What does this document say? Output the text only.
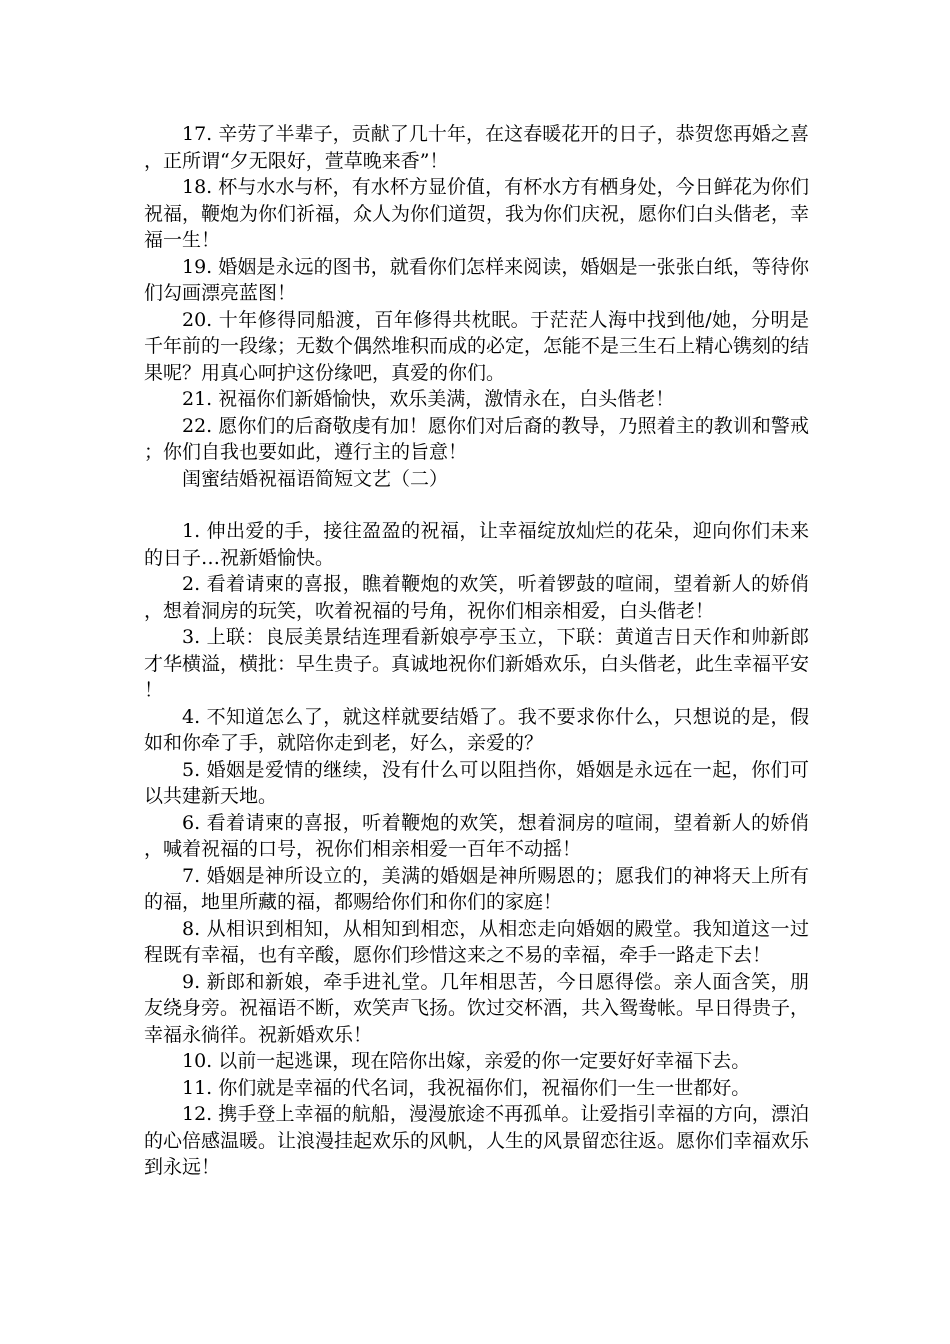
17. 辛劳了半辈子，贡献了几十年，在这春暖花开的日子，恭贺您再婚之喜，正所谓“夕无限好，萱草晚来香”！

18. 杯与水水与杯，有水杯方显价值，有杯水方有栖身处，今日鲜花为你们祝福，鞭炮为你们祈福，众人为你们道贺，我为你们庆祝，愿你们白头偕老，幸福一生！

19. 婚姻是永远的图书，就看你们怎样来阅读，婚姻是一张张白纸，等待你们勾画漂亮蓝图！

20. 十年修得同船渡，百年修得共枕眠。于茫茫人海中找到他/她，分明是千年前的一段缘；无数个偶然堆积而成的必定，怎能不是三生石上精心镌刻的结果呢？用真心呵护这份缘吧，真爱的你们。

21. 祝福你们新婚愉快，欢乐美满，激情永在，白头偕老！

22. 愿你们的后裔敬虔有加！愿你们对后裔的教导，乃照着主的教训和警戒；你们自我也要如此，遵行主的旨意！

闺蜜结婚祝福语简短文艺（二）

1. 伸出爱的手，接往盈盈的祝福，让幸福绽放灿烂的花朵，迎向你们未来的日子…祝新婚愉快。

2. 看着请柬的喜报，瞧着鞭炮的欢笑，听着锣鼓的喧闹，望着新人的娇俏，想着洞房的玩笑，吹着祝福的号角，祝你们相亲相爱，白头偕老！

3. 上联：良辰美景结连理看新娘亭亭玉立，下联：黄道吉日天作和帅新郎才华横溢，横批：早生贵子。真诚地祝你们新婚欢乐，白头偕老，此生幸福平安！

4. 不知道怎么了，就这样就要结婚了。我不要求你什么，只想说的是，假如和你牵了手，就陪你走到老，好么，亲爱的？

5. 婚姻是爱情的继续，没有什么可以阻挡你，婚姻是永远在一起，你们可以共建新天地。

6. 看着请柬的喜报，听着鞭炮的欢笑，想着洞房的喧闹，望着新人的娇俏，喊着祝福的口号，祝你们相亲相爱一百年不动摇！

7. 婚姻是神所设立的，美满的婚姻是神所赐恩的；愿我们的神将天上所有的福，地里所藏的福，都赐给你们和你们的家庭！

8. 从相识到相知，从相知到相恋，从相恋走向婚姻的殿堂。我知道这一过程既有幸福，也有辛酸，愿你们珍惜这来之不易的幸福，牵手一路走下去！

9. 新郎和新娘，牵手进礼堂。几年相思苦，今日愿得偿。亲人面含笑，朋友绕身旁。祝福语不断，欢笑声飞扬。饮过交杯酒，共入鸳鸯帐。早日得贵子，幸福永徜徉。祝新婚欢乐！

10. 以前一起逃课，现在陪你出嫁，亲爱的你一定要好好幸福下去。

11. 你们就是幸福的代名词，我祝福你们，祝福你们一生一世都好。

12. 携手登上幸福的航船，漫漫旅途不再孤单。让爱指引幸福的方向，漂泊的心倍感温暖。让浪漫挂起欢乐的风帆，人生的风景留恋往返。愿你们幸福欢乐到永远！
